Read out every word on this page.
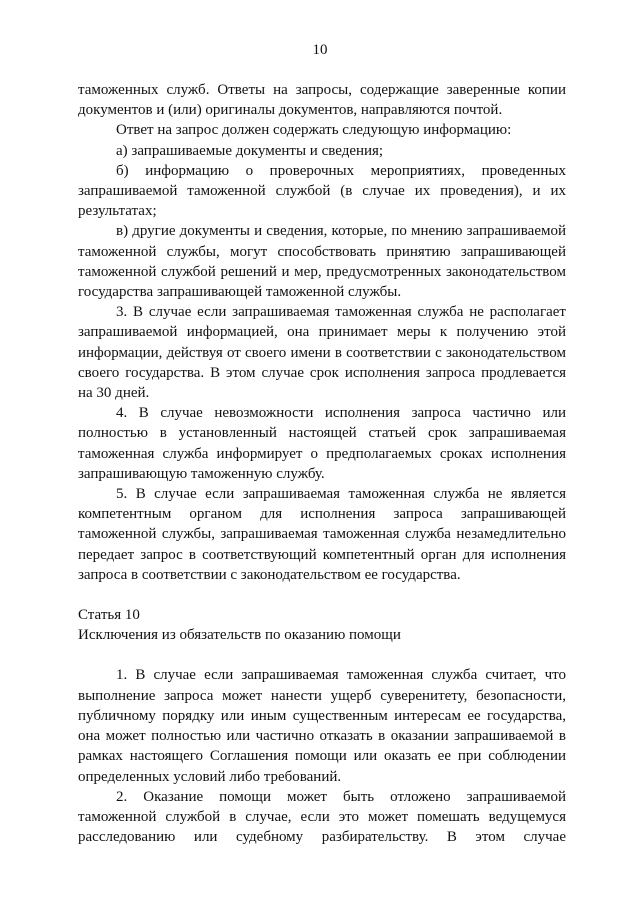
10

таможенных служб. Ответы на запросы, содержащие заверенные копии документов и (или) оригиналы документов, направляются почтой.

Ответ на запрос должен содержать следующую информацию:

а) запрашиваемые документы и сведения;

б) информацию о проверочных мероприятиях, проведенных запрашиваемой таможенной службой (в случае их проведения), и их результатах;

в) другие документы и сведения, которые, по мнению запрашиваемой таможенной службы, могут способствовать принятию запрашивающей таможенной службой решений и мер, предусмотренных законодательством государства запрашивающей таможенной службы.

3. В случае если запрашиваемая таможенная служба не располагает запрашиваемой информацией, она принимает меры к получению этой информации, действуя от своего имени в соответствии с законодательством своего государства. В этом случае срок исполнения запроса продлевается на 30 дней.

4. В случае невозможности исполнения запроса частично или полностью в установленный настоящей статьей срок запрашиваемая таможенная служба информирует о предполагаемых сроках исполнения запрашивающую таможенную службу.

5. В случае если запрашиваемая таможенная служба не является компетентным органом для исполнения запроса запрашивающей таможенной службы, запрашиваемая таможенная служба незамедлительно передает запрос в соответствующий компетентный орган для исполнения запроса в соответствии с законодательством ее государства.

Статья 10

Исключения из обязательств по оказанию помощи

1. В случае если запрашиваемая таможенная служба считает, что выполнение запроса может нанести ущерб суверенитету, безопасности, публичному порядку или иным существенным интересам ее государства, она может полностью или частично отказать в оказании запрашиваемой в рамках настоящего Соглашения помощи или оказать ее при соблюдении определенных условий либо требований.

2. Оказание помощи может быть отложено запрашиваемой таможенной службой в случае, если это может помешать ведущемуся расследованию или судебному разбирательству. В этом случае
